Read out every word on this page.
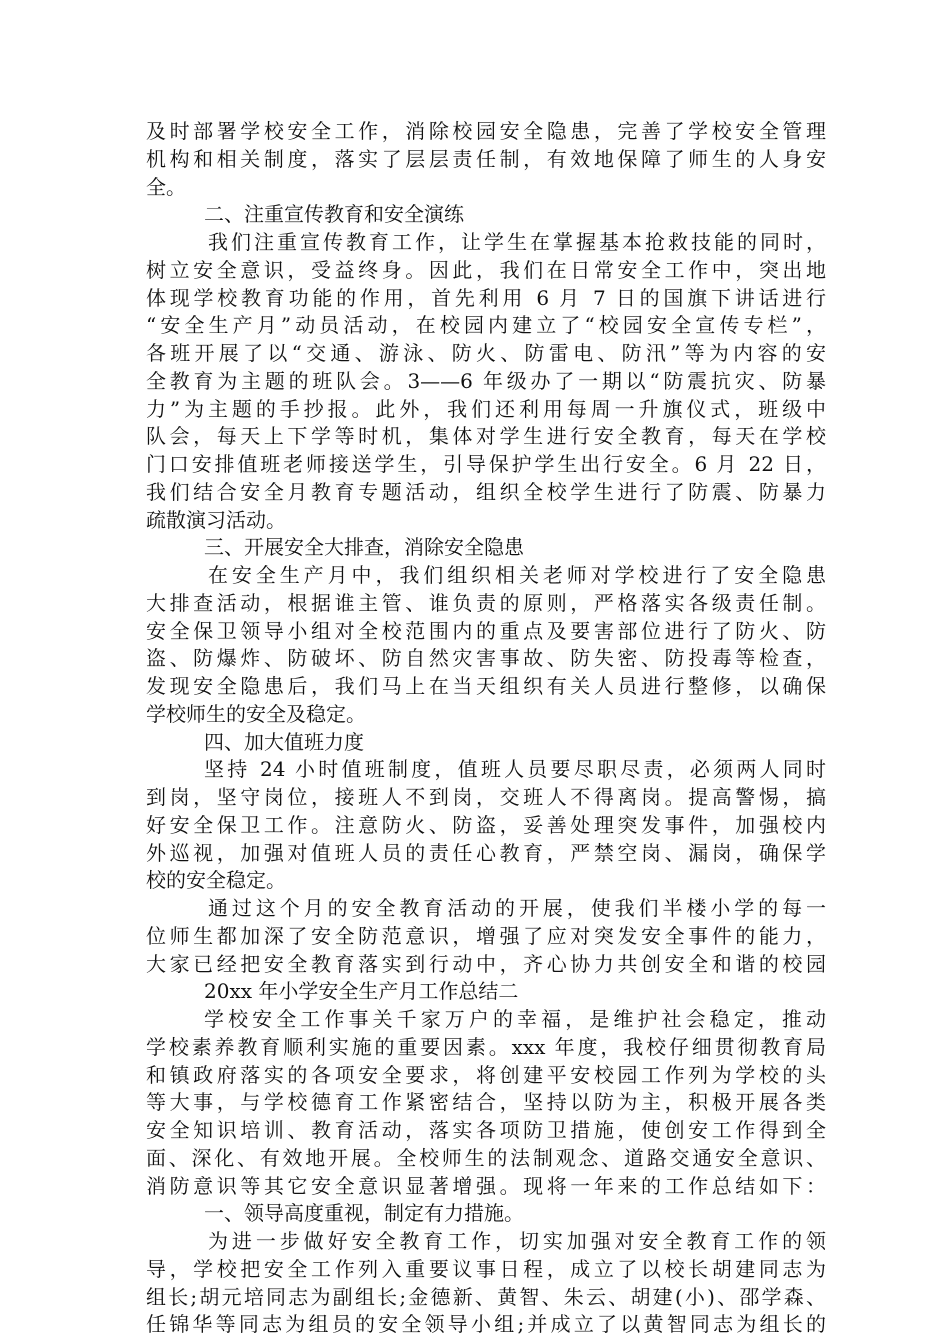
及时部署学校安全工作，消除校园安全隐患，完善了学校安全管理
机构和相关制度，落实了层层责任制，有效地保障了师生的人身安
全。
二、注重宣传教育和安全演练
我们注重宣传教育工作，让学生在掌握基本抢救技能的同时，
树立安全意识，受益终身。因此，我们在日常安全工作中，突出地
体现学校教育功能的作用，首先利用 6 月 7 日的国旗下讲话进行
“安全生产月”动员活动，在校园内建立了“校园安全宣传专栏”，
各班开展了以“交通、游泳、防火、防雷电、防汛”等为内容的安
全教育为主题的班队会。3——6 年级办了一期以“防震抗灾、防暴
力”为主题的手抄报。此外，我们还利用每周一升旗仪式，班级中
队会，每天上下学等时机，集体对学生进行安全教育，每天在学校
门口安排值班老师接送学生，引导保护学生出行安全。6 月 22 日，
我们结合安全月教育专题活动，组织全校学生进行了防震、防暴力
疏散演习活动。
三、开展安全大排查，消除安全隐患
在安全生产月中，我们组织相关老师对学校进行了安全隐患
大排查活动，根据谁主管、谁负责的原则，严格落实各级责任制。
安全保卫领导小组对全校范围内的重点及要害部位进行了防火、防
盗、防爆炸、防破坏、防自然灾害事故、防失密、防投毒等检查，
发现安全隐患后，我们马上在当天组织有关人员进行整修，以确保
学校师生的安全及稳定。
四、加大值班力度
坚持 24 小时值班制度，值班人员要尽职尽责，必须两人同时
到岗，坚守岗位，接班人不到岗，交班人不得离岗。提高警惕，搞
好安全保卫工作。注意防火、防盗，妥善处理突发事件，加强校内
外巡视，加强对值班人员的责任心教育，严禁空岗、漏岗，确保学
校的安全稳定。
通过这个月的安全教育活动的开展，使我们半楼小学的每一
位师生都加深了安全防范意识，增强了应对突发安全事件的能力，
大家已经把安全教育落实到行动中，齐心协力共创安全和谐的校园
20xx 年小学安全生产月工作总结二
学校安全工作事关千家万户的幸福，是维护社会稳定，推动
学校素养教育顺利实施的重要因素。xxx 年度，我校仔细贯彻教育局
和镇政府落实的各项安全要求，将创建平安校园工作列为学校的头
等大事，与学校德育工作紧密结合，坚持以防为主，积极开展各类
安全知识培训、教育活动，落实各项防卫措施，使创安工作得到全
面、深化、有效地开展。全校师生的法制观念、道路交通安全意识、
消防意识等其它安全意识显著增强。现将一年来的工作总结如下：
一、领导高度重视，制定有力措施。
为进一步做好安全教育工作，切实加强对安全教育工作的领
导，学校把安全工作列入重要议事日程，成立了以校长胡建同志为
组长;胡元培同志为副组长;金德新、黄智、朱云、胡建(小)、邵学森、
任锦华等同志为组员的安全领导小组;并成立了以黄智同志为组长的
